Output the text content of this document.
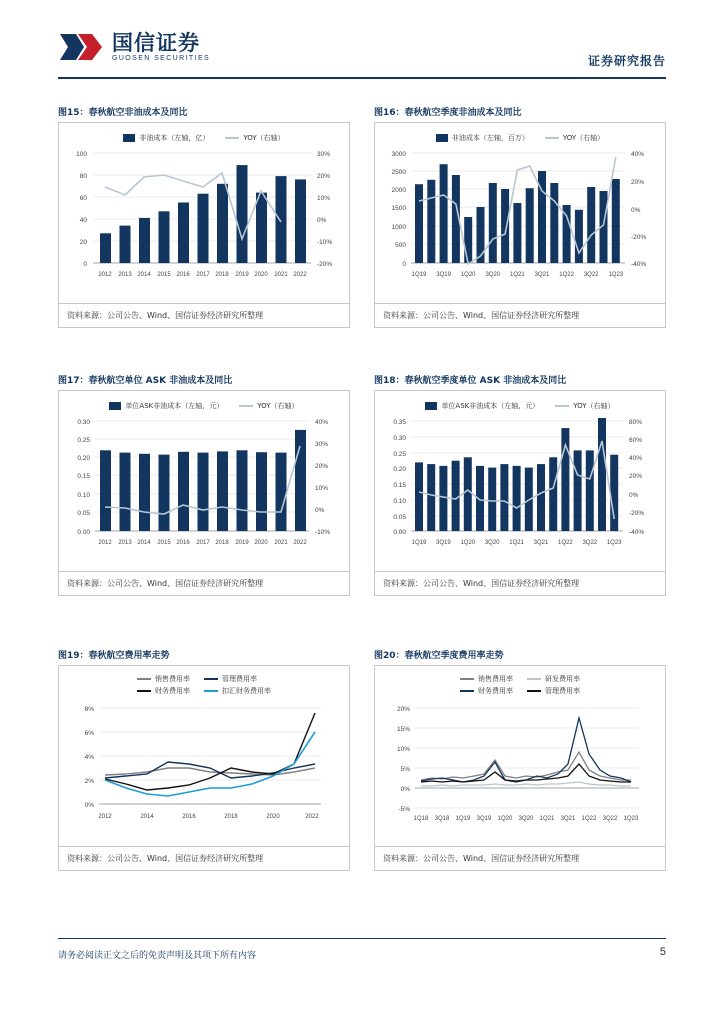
国信证券
GUOSEN SECURITIES	证券研究报告
图15：春秋航空非油成本及同比
非油成本（左轴，亿）	YOY（右轴）
100
80
60
40
20
0
30%
20%
10%
0%
-10%
-20%
2012 2013 2014 2015 2016 2017 2018 2019 2020 2021 2022
资料来源：公司公告、Wind、国信证券经济研究所整理
图16：春秋航空季度非油成本及同比
非油成本（左轴，百万）	YOY（右轴）
3000
2500
2000
1500
1000
500
0
40%
20%
0%
-20%
-40%
1Q19 3Q19 1Q20 3Q20 1Q21 3Q21 1Q22 3Q22 1Q23
资料来源：公司公告、Wind、国信证券经济研究所整理
图17：春秋航空单位 ASK 非油成本及同比
单位ASK非油成本（左轴，元）	YOY（右轴）
0.30
0.25
0.20
0.15
0.10
0.05
0.00
40%
30%
20%
10%
0%
-10%
2012 2013 2014 2015 2016 2017 2018 2019 2020 2021 2022
资料来源：公司公告、Wind、国信证券经济研究所整理
图18：春秋航空季度单位 ASK 非油成本及同比
单位ASK非油成本（左轴，元）	YOY（右轴）
0.35
0.30
0.25
0.20
0.15
0.10
0.05
0.00
80%
60%
40%
20%
0%
-20%
-40%
1Q19 3Q19 1Q20 3Q20 1Q21 3Q21 1Q22 3Q22 1Q23
资料来源：公司公告、Wind、国信证券经济研究所整理
图19：春秋航空费用率走势
销售费用率	管理费用率
财务费用率	扣汇财务费用率
8%
6%
4%
2%
0%
2012	2014	2016	2018	2020	2022
资料来源：公司公告、Wind、国信证券经济研究所整理
图20：春秋航空季度费用率走势
销售费用率	研发费用率
财务费用率	管理费用率
20%
15%
10%
5%
0%
-5%
1Q18 3Q18 1Q19 3Q19 1Q20 3Q20 1Q21 3Q21 1Q22 3Q22 1Q23
资料来源：公司公告、Wind、国信证券经济研究所整理
请务必阅读正文之后的免责声明及其项下所有内容	5
